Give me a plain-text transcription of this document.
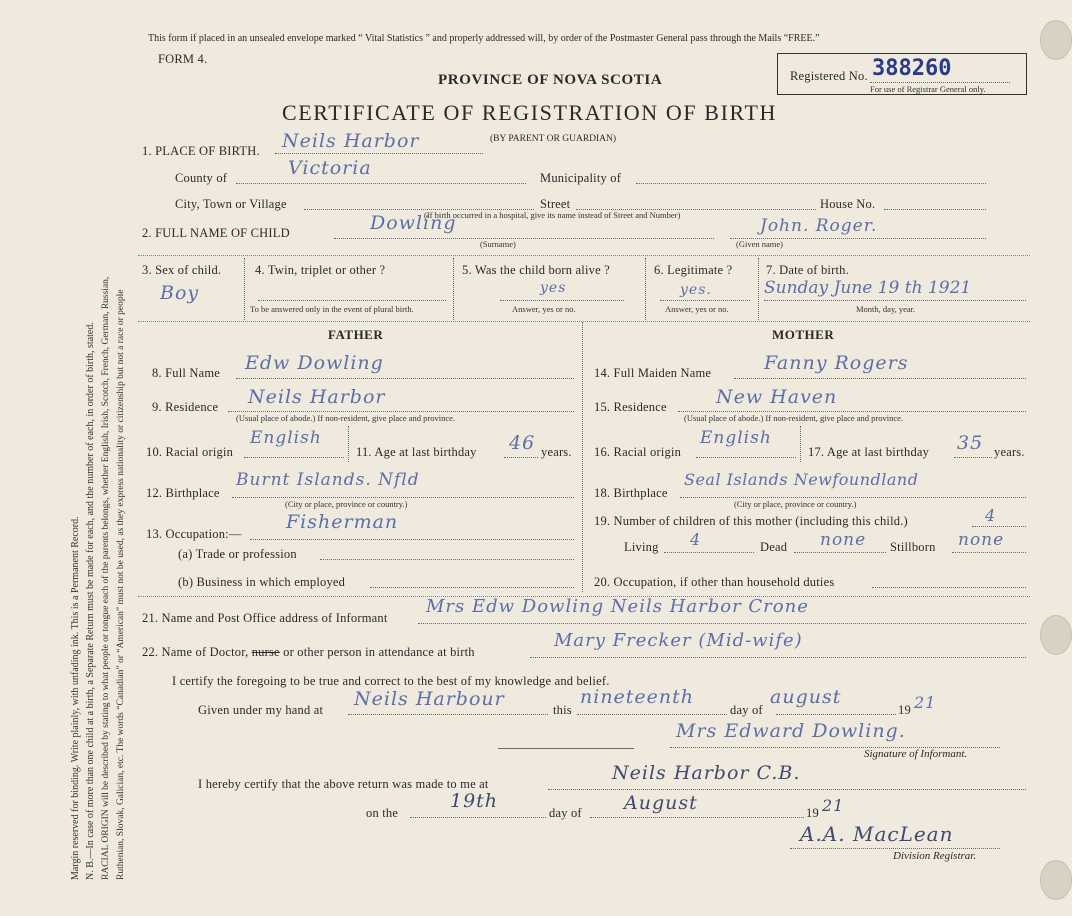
Margin reserved for binding. Write plainly, with unfading ink. This is a Permanent Record. N. B.—In case of more than one child at a birth, a Separate Return must be made for each, and the number of each, in order of birth, stated. RACIAL ORIGIN will be described by stating to what people or tongue each of the parents belongs, whether English, Irish, Scotch, French, German, Russian, Ruthenian, Slovak, Galician, etc. The words “Canadian” or “American” must not be used, as they express nationality or citizenship but not a race or people
This form if placed in an unsealed envelope marked “ Vital Statistics ” and properly addressed will, by order of the Postmaster General pass through the Mails “FREE.”
FORM 4.
PROVINCE OF NOVA SCOTIA
CERTIFICATE OF REGISTRATION OF BIRTH
Registered No. 388260
For use of Registrar General only.
1. PLACE OF BIRTH. Neils Harbor	(BY PARENT OR GUARDIAN)
County of	Victoria	Municipality of
City, Town or Village	Street	House No.
(If birth occurred in a hospital, give its name instead of Street and Number)
2. FULL NAME OF CHILD	Dowling
(Surname)
John. Roger.
(Given name)
3. Sex of child.
Boy
4. Twin, triplet or other ?
To be answered only in the event of plural birth.
5. Was the child born alive ?
yes
Answer, yes or no.
6. Legitimate ?
yes.
Answer, yes or no.
7. Date of birth.
Sunday June 19 th 1921
Month, day, year.
FATHER	MOTHER
8. Full Name Edw Dowling
9. Residence Neils Harbor
(Usual place of abode.) If non-resident, give place and province.
10. Racial origin
English
11. Age at last birthday 46 years.
12. Birthplace
Burnt Islands. Nfld
(City or place, province or country.)
13. Occupation:—
Fisherman
(a) Trade or profession
(b) Business in which employed
14. Full Maiden Name	Fanny Rogers
15. Residence	New Haven
(Usual place of abode.) If non-resident, give place and province.
16. Racial origin
English
17. Age at last birthday 35 years.
18. Birthplace
Seal Islands Newfoundland
(City or place, province or country.)
19. Number of children of this mother (including this child.)	4
Living 4	Dead none Stillborn none
20. Occupation, if other than household duties
21. Name and Post Office address of Informant
Mrs Edw Dowling Neils Harbor Crone
22. Name of Doctor, nurse or other person in attendance at birth
Mary Frecker (Mid-wife)
I certify the foregoing to be true and correct to the best of my knowledge and belief.
Given under my hand at Neils Harbour	this
nineteenth
day of
august
19 21
Mrs Edward Dowling.
Signature of Informant.
I hereby certify that the above return was made to me at	Neils Harbor C.B.
on the
19th
day of August	19 21
A.A. MacLean
Division Registrar.
